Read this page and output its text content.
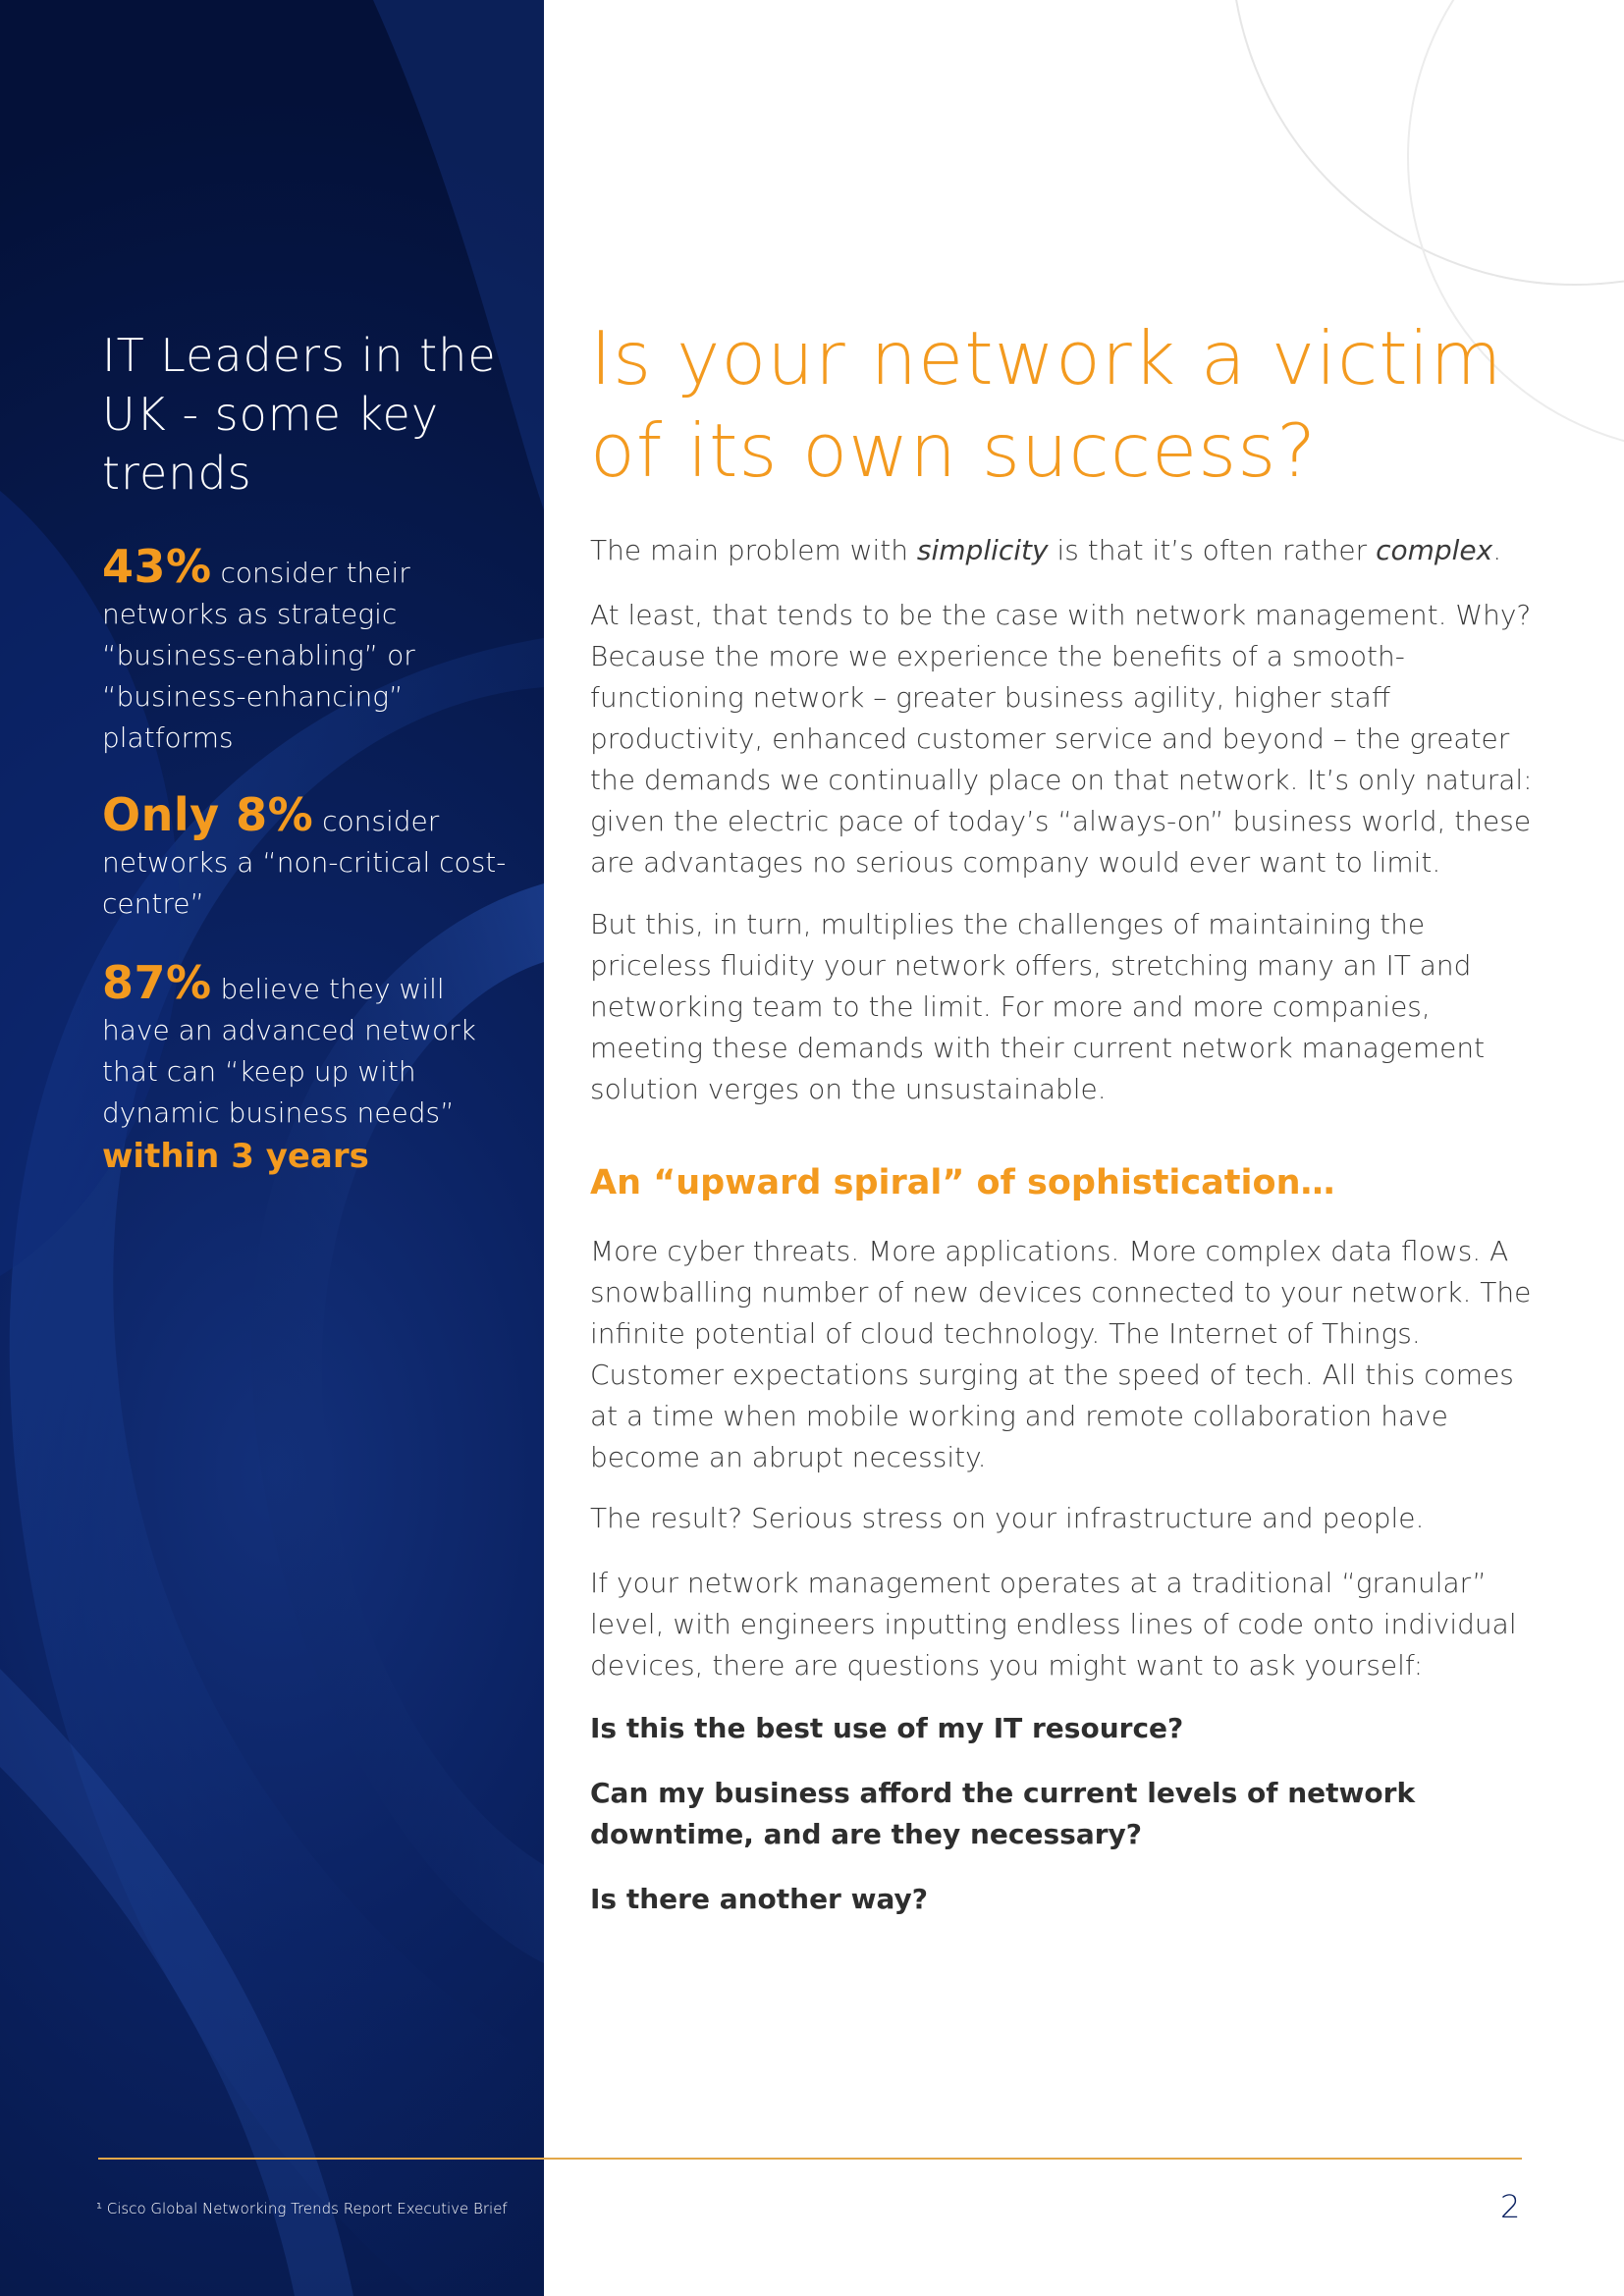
IT Leaders in the UK - some key trends
43% consider their networks as strategic “business-enabling” or “business-enhancing” platforms
Only 8% consider networks a “non-critical cost-centre”
87% believe they will have an advanced network that can “keep up with dynamic business needs”
within 3 years
¹ Cisco Global Networking Trends Report Executive Brief
Is your network a victim of its own success?
The main problem with simplicity is that it’s often rather complex.
At least, that tends to be the case with network management. Why? Because the more we experience the benefits of a smooth-functioning network – greater business agility, higher staff productivity, enhanced customer service and beyond – the greater the demands we continually place on that network. It’s only natural: given the electric pace of today’s “always-on” business world, these are advantages no serious company would ever want to limit.
But this, in turn, multiplies the challenges of maintaining the priceless fluidity your network offers, stretching many an IT and networking team to the limit. For more and more companies, meeting these demands with their current network management solution verges on the unsustainable.
An “upward spiral” of sophistication…
More cyber threats. More applications. More complex data flows. A snowballing number of new devices connected to your network. The infinite potential of cloud technology. The Internet of Things. Customer expectations surging at the speed of tech. All this comes at a time when mobile working and remote collaboration have become an abrupt necessity.
The result? Serious stress on your infrastructure and people.
If your network management operates at a traditional “granular” level, with engineers inputting endless lines of code onto individual devices, there are questions you might want to ask yourself:
Is this the best use of my IT resource?
Can my business afford the current levels of network downtime, and are they necessary?
Is there another way?
2
